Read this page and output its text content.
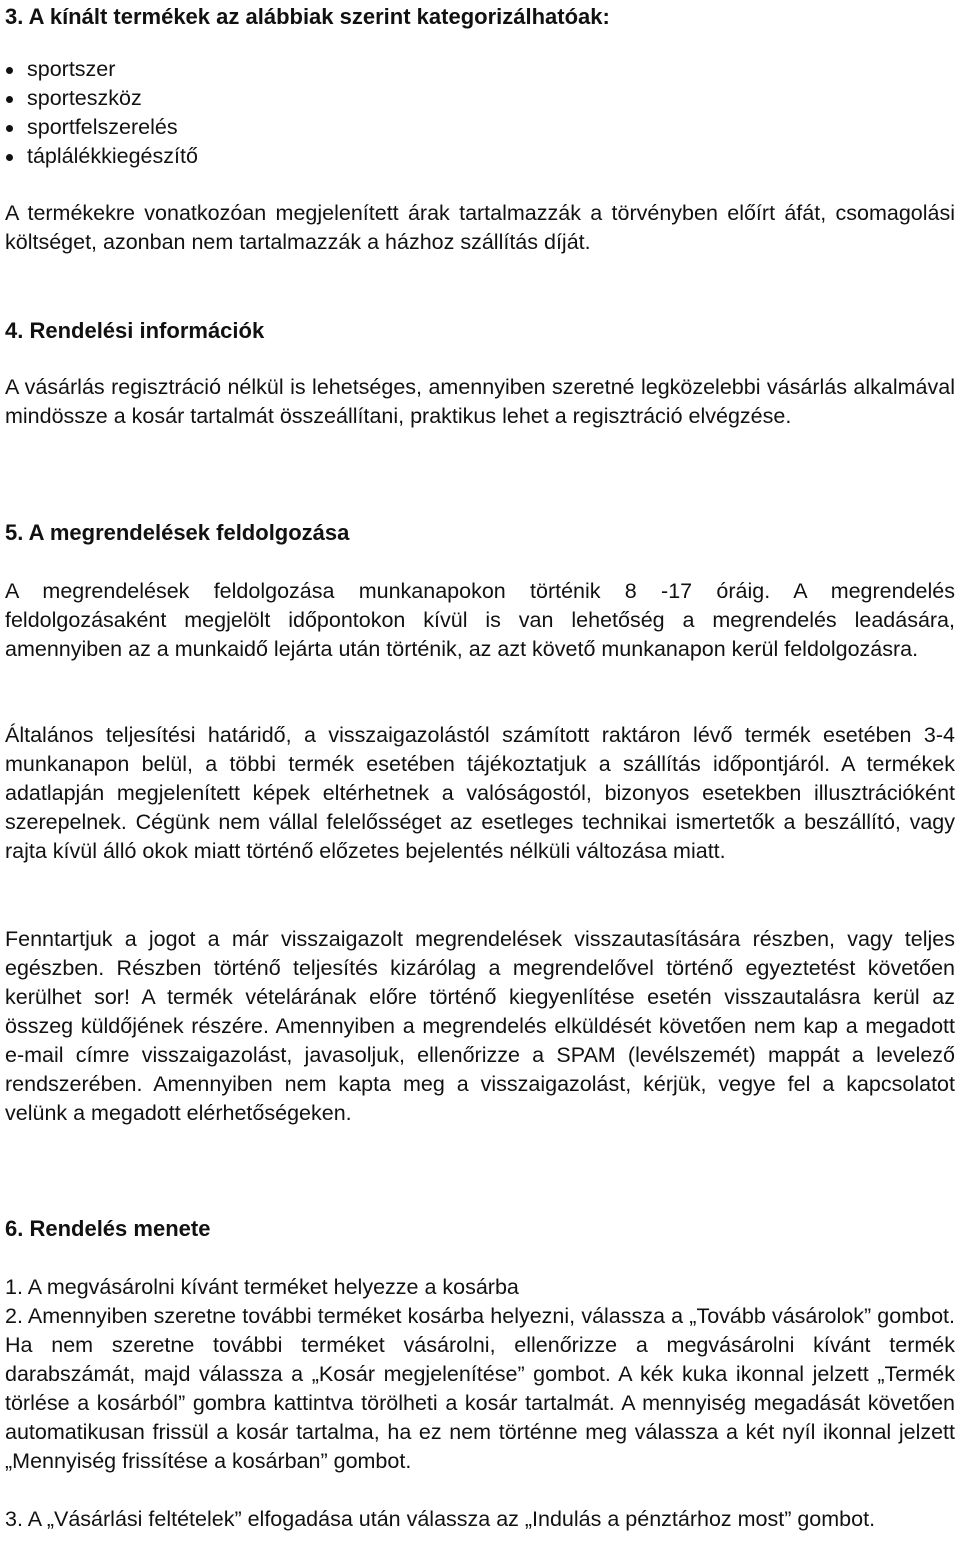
3. A kínált termékek az alábbiak szerint kategorizálhatóak:
sportszer
sporteszköz
sportfelszerelés
táplálékkiegészítő

A termékekre vonatkozóan megjelenített árak tartalmazzák a törvényben előírt áfát, csomagolási költséget, azonban nem tartalmazzák a házhoz szállítás díját.

4. Rendelési információk

A vásárlás regisztráció nélkül is lehetséges, amennyiben szeretné legközelebbi vásárlás alkalmával mindössze a kosár tartalmát összeállítani, praktikus lehet a regisztráció elvégzése.

5. A megrendelések feldolgozása

A megrendelések feldolgozása munkanapokon történik 8 -17 óráig. A megrendelés feldolgozásaként megjelölt időpontokon kívül is van lehetőség a megrendelés leadására, amennyiben az a munkaidő lejárta után történik, az azt követő munkanapon kerül feldolgozásra.

Általános teljesítési határidő, a visszaigazolástól számított raktáron lévő termék esetében 3-4 munkanapon belül, a többi termék esetében tájékoztatjuk a szállítás időpontjáról. A termékek adatlapján megjelenített képek eltérhetnek a valóságostól, bizonyos esetekben illusztrációként szerepelnek. Cégünk nem vállal felelősséget az esetleges technikai ismertetők a beszállító, vagy rajta kívül álló okok miatt történő előzetes bejelentés nélküli változása miatt.

Fenntartjuk a jogot a már visszaigazolt megrendelések visszautasítására részben, vagy teljes egészben. Részben történő teljesítés kizárólag a megrendelővel történő egyeztetést követően kerülhet sor! A termék vételárának előre történő kiegyenlítése esetén visszautalásra kerül az összeg küldőjének részére. Amennyiben a megrendelés elküldését követően nem kap a megadott e-mail címre visszaigazolást, javasoljuk, ellenőrizze a SPAM (levélszemét) mappát a levelező rendszerében. Amennyiben nem kapta meg a visszaigazolást, kérjük, vegye fel a kapcsolatot velünk a megadott elérhetőségeken.

6. Rendelés menete

1. A megvásárolni kívánt terméket helyezze a kosárba

2. Amennyiben szeretne további terméket kosárba helyezni, válassza a „Tovább vásárolok” gombot. Ha nem szeretne további terméket vásárolni, ellenőrizze a megvásárolni kívánt termék darabszámát, majd válassza a „Kosár megjelenítése” gombot. A kék kuka ikonnal jelzett „Termék törlése a kosárból” gombra kattintva törölheti a kosár tartalmát. A mennyiség megadását követően automatikusan frissül a kosár tartalma, ha ez nem történne meg válassza a két nyíl ikonnal jelzett „Mennyiség frissítése a kosárban” gombot.

3. A „Vásárlási feltételek” elfogadása után válassza az „Indulás a pénztárhoz most” gombot.
